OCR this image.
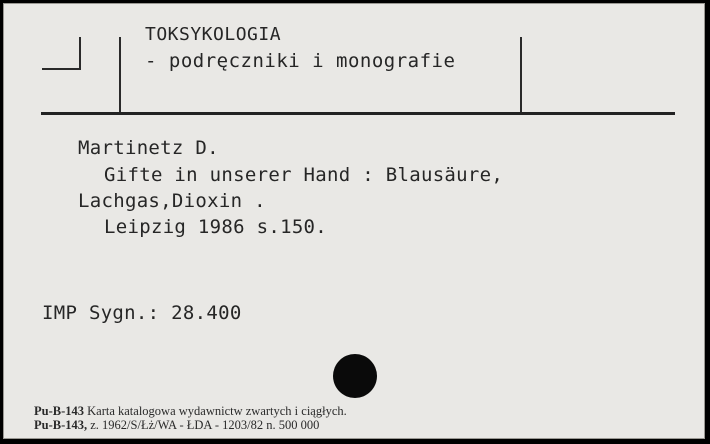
TOKSYKOLOGIA
- podręczniki i monografie
Martinetz D.
Gifte in unserer Hand : Blausäure,
Lachgas,Dioxin .
Leipzig 1986 s.150.
IMP Sygn.: 28.400
Pu-B-143 Karta katalogowa wydawnictw zwartych i ciągłych.
Pu-B-143, z. 1962/S/Łż/WA - ŁDA - 1203/82 n. 500 000
